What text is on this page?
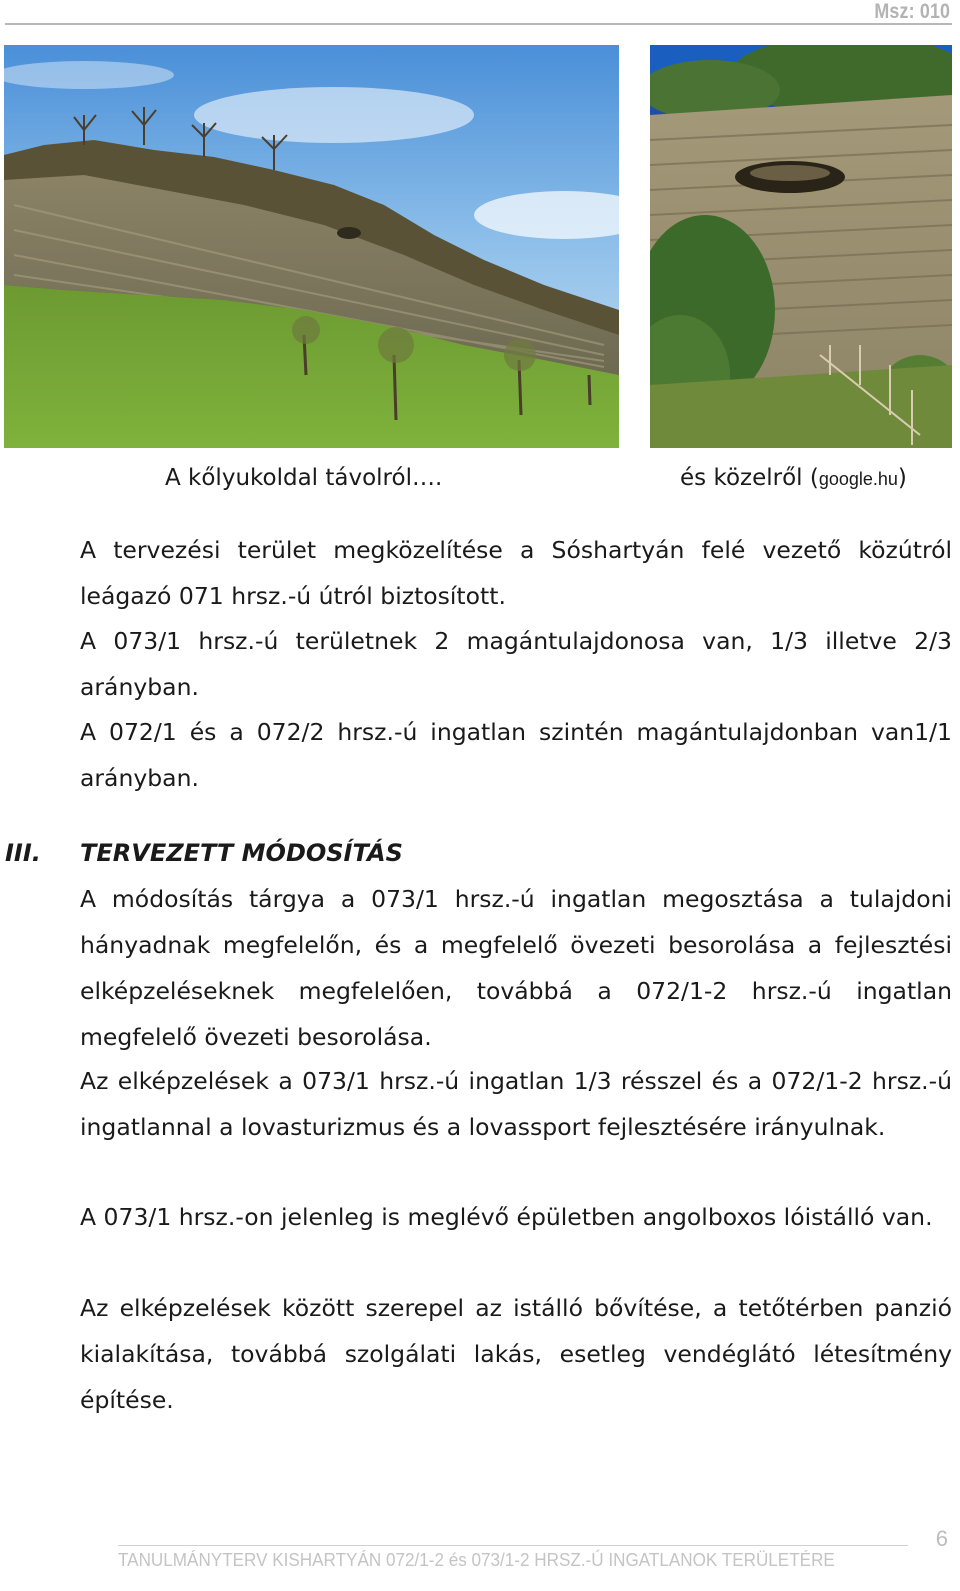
Msz: 010
A kőlyukoldal távolról….	és közelről (google.hu)

A tervezési terület megközelítése a Sóshartyán felé vezető közútról leágazó 071 hrsz.-ú útról biztosított.

A 073/1 hrsz.-ú területnek 2 magántulajdonosa van, 1/3 illetve 2/3 arányban.

A 072/1 és a 072/2 hrsz.-ú ingatlan szintén magántulajdonban van1/1 arányban.

III. TERVEZETT MÓDOSÍTÁS

A módosítás tárgya a 073/1 hrsz.-ú ingatlan megosztása a tulajdoni hányadnak megfelelőn, és a megfelelő övezeti besorolása a fejlesztési elképzeléseknek megfelelően, továbbá a 072/1-2 hrsz.-ú ingatlan megfelelő övezeti besorolása.

Az elképzelések a 073/1 hrsz.-ú ingatlan 1/3 résszel és a 072/1-2 hrsz.-ú ingatlannal a lovasturizmus és a lovassport fejlesztésére irányulnak.

A 073/1 hrsz.-on jelenleg is meglévő épületben angolboxos lóistálló van.

Az elképzelések között szerepel az istálló bővítése, a tetőtérben panzió kialakítása, továbbá szolgálati lakás, esetleg vendéglátó létesítmény építése.

TANULMÁNYTERV KISHARTYÁN 072/1-2 és 073/1-2 HRSZ.-Ú INGATLANOK TERÜLETÉRE
6
